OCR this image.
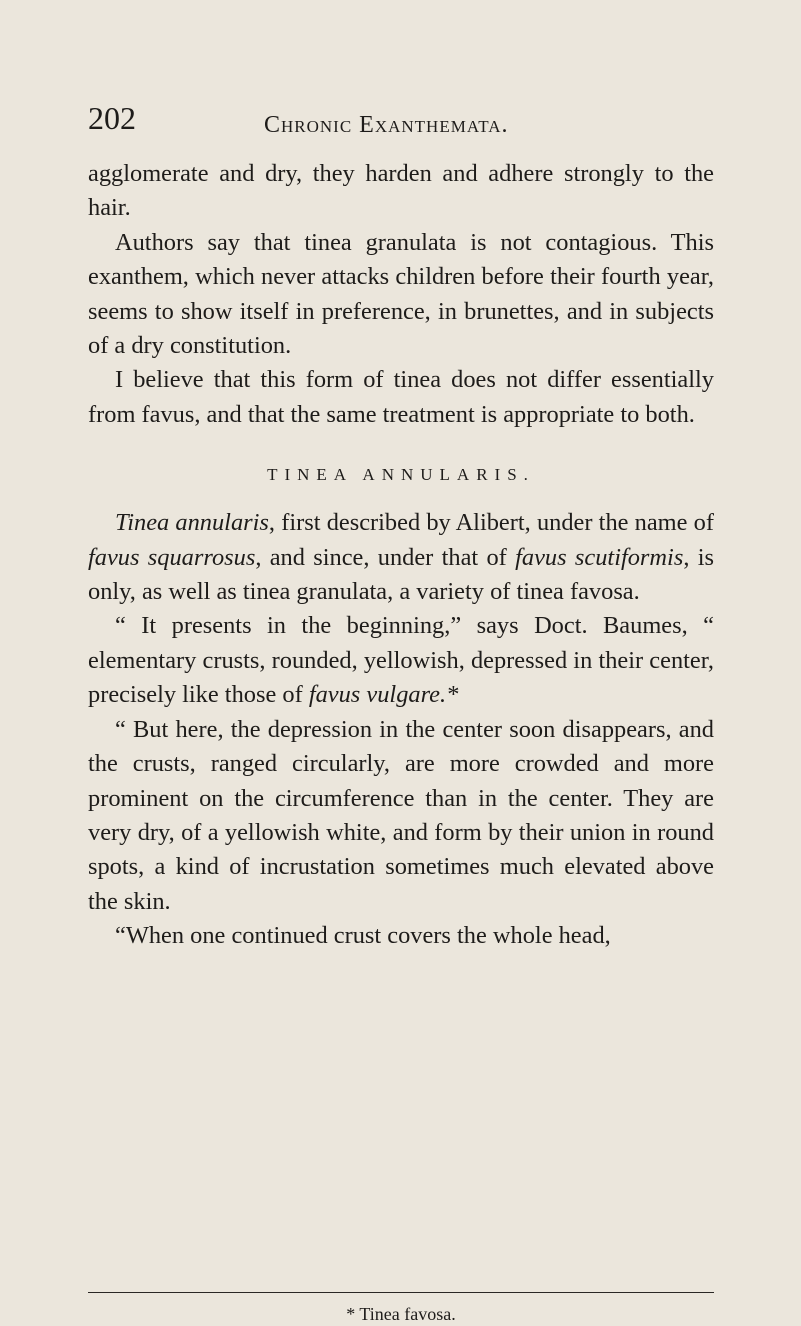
202	Chronic Exanthemata.

agglomerate and dry, they harden and adhere strongly to the hair.

Authors say that tinea granulata is not contagious. This exanthem, which never attacks children before their fourth year, seems to show itself in preference, in brunettes, and in subjects of a dry constitution.

I believe that this form of tinea does not differ essentially from favus, and that the same treatment is appropriate to both.

TINEA ANNULARIS.

Tinea annularis, first described by Alibert, under the name of favus squarrosus, and since, under that of favus scutiformis, is only, as well as tinea granulata, a variety of tinea favosa.

“ It presents in the beginning,” says Doct. Baumes, “ elementary crusts, rounded, yellowish, depressed in their center, precisely like those of favus vulgare.*

“ But here, the depression in the center soon disappears, and the crusts, ranged circularly, are more crowded and more prominent on the circumference than in the center. They are very dry, of a yellowish white, and form by their union in round spots, a kind of incrustation sometimes much elevated above the skin.

“When one continued crust covers the whole head,

* Tinea favosa.
